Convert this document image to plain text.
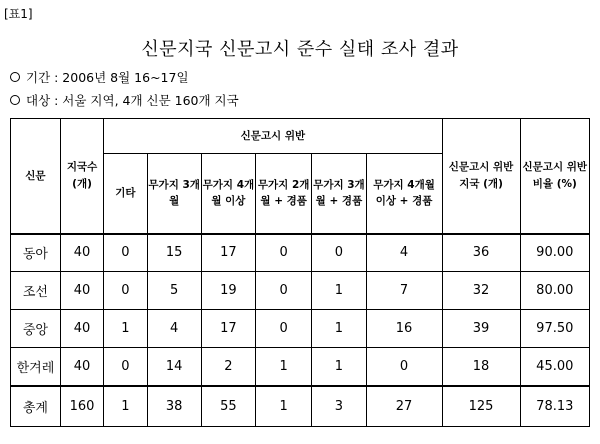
[표1]
신문지국 신문고시 준수 실태 조사 결과
기간 : 2006년 8월 16~17일
대상 : 서울 지역, 4개 신문 160개 지국
신문	지국수 (개)	신문고시 위반						신문고시 위반 지국 (개)	신문고시 위반 비율 (%)
		기타	무가지 3개월	무가지 4개월 이상	무가지 2개월 + 경품	무가지 3개월 + 경품	무가지 4개월 이상 + 경품		
동아	40	0	15	17	0	0	4	36	90.00
조선	40	0	5	19	0	1	7	32	80.00
중앙	40	1	4	17	0	1	16	39	97.50
한겨레	40	0	14	2	1	1	0	18	45.00
총계	160	1	38	55	1	3	27	125	78.13
